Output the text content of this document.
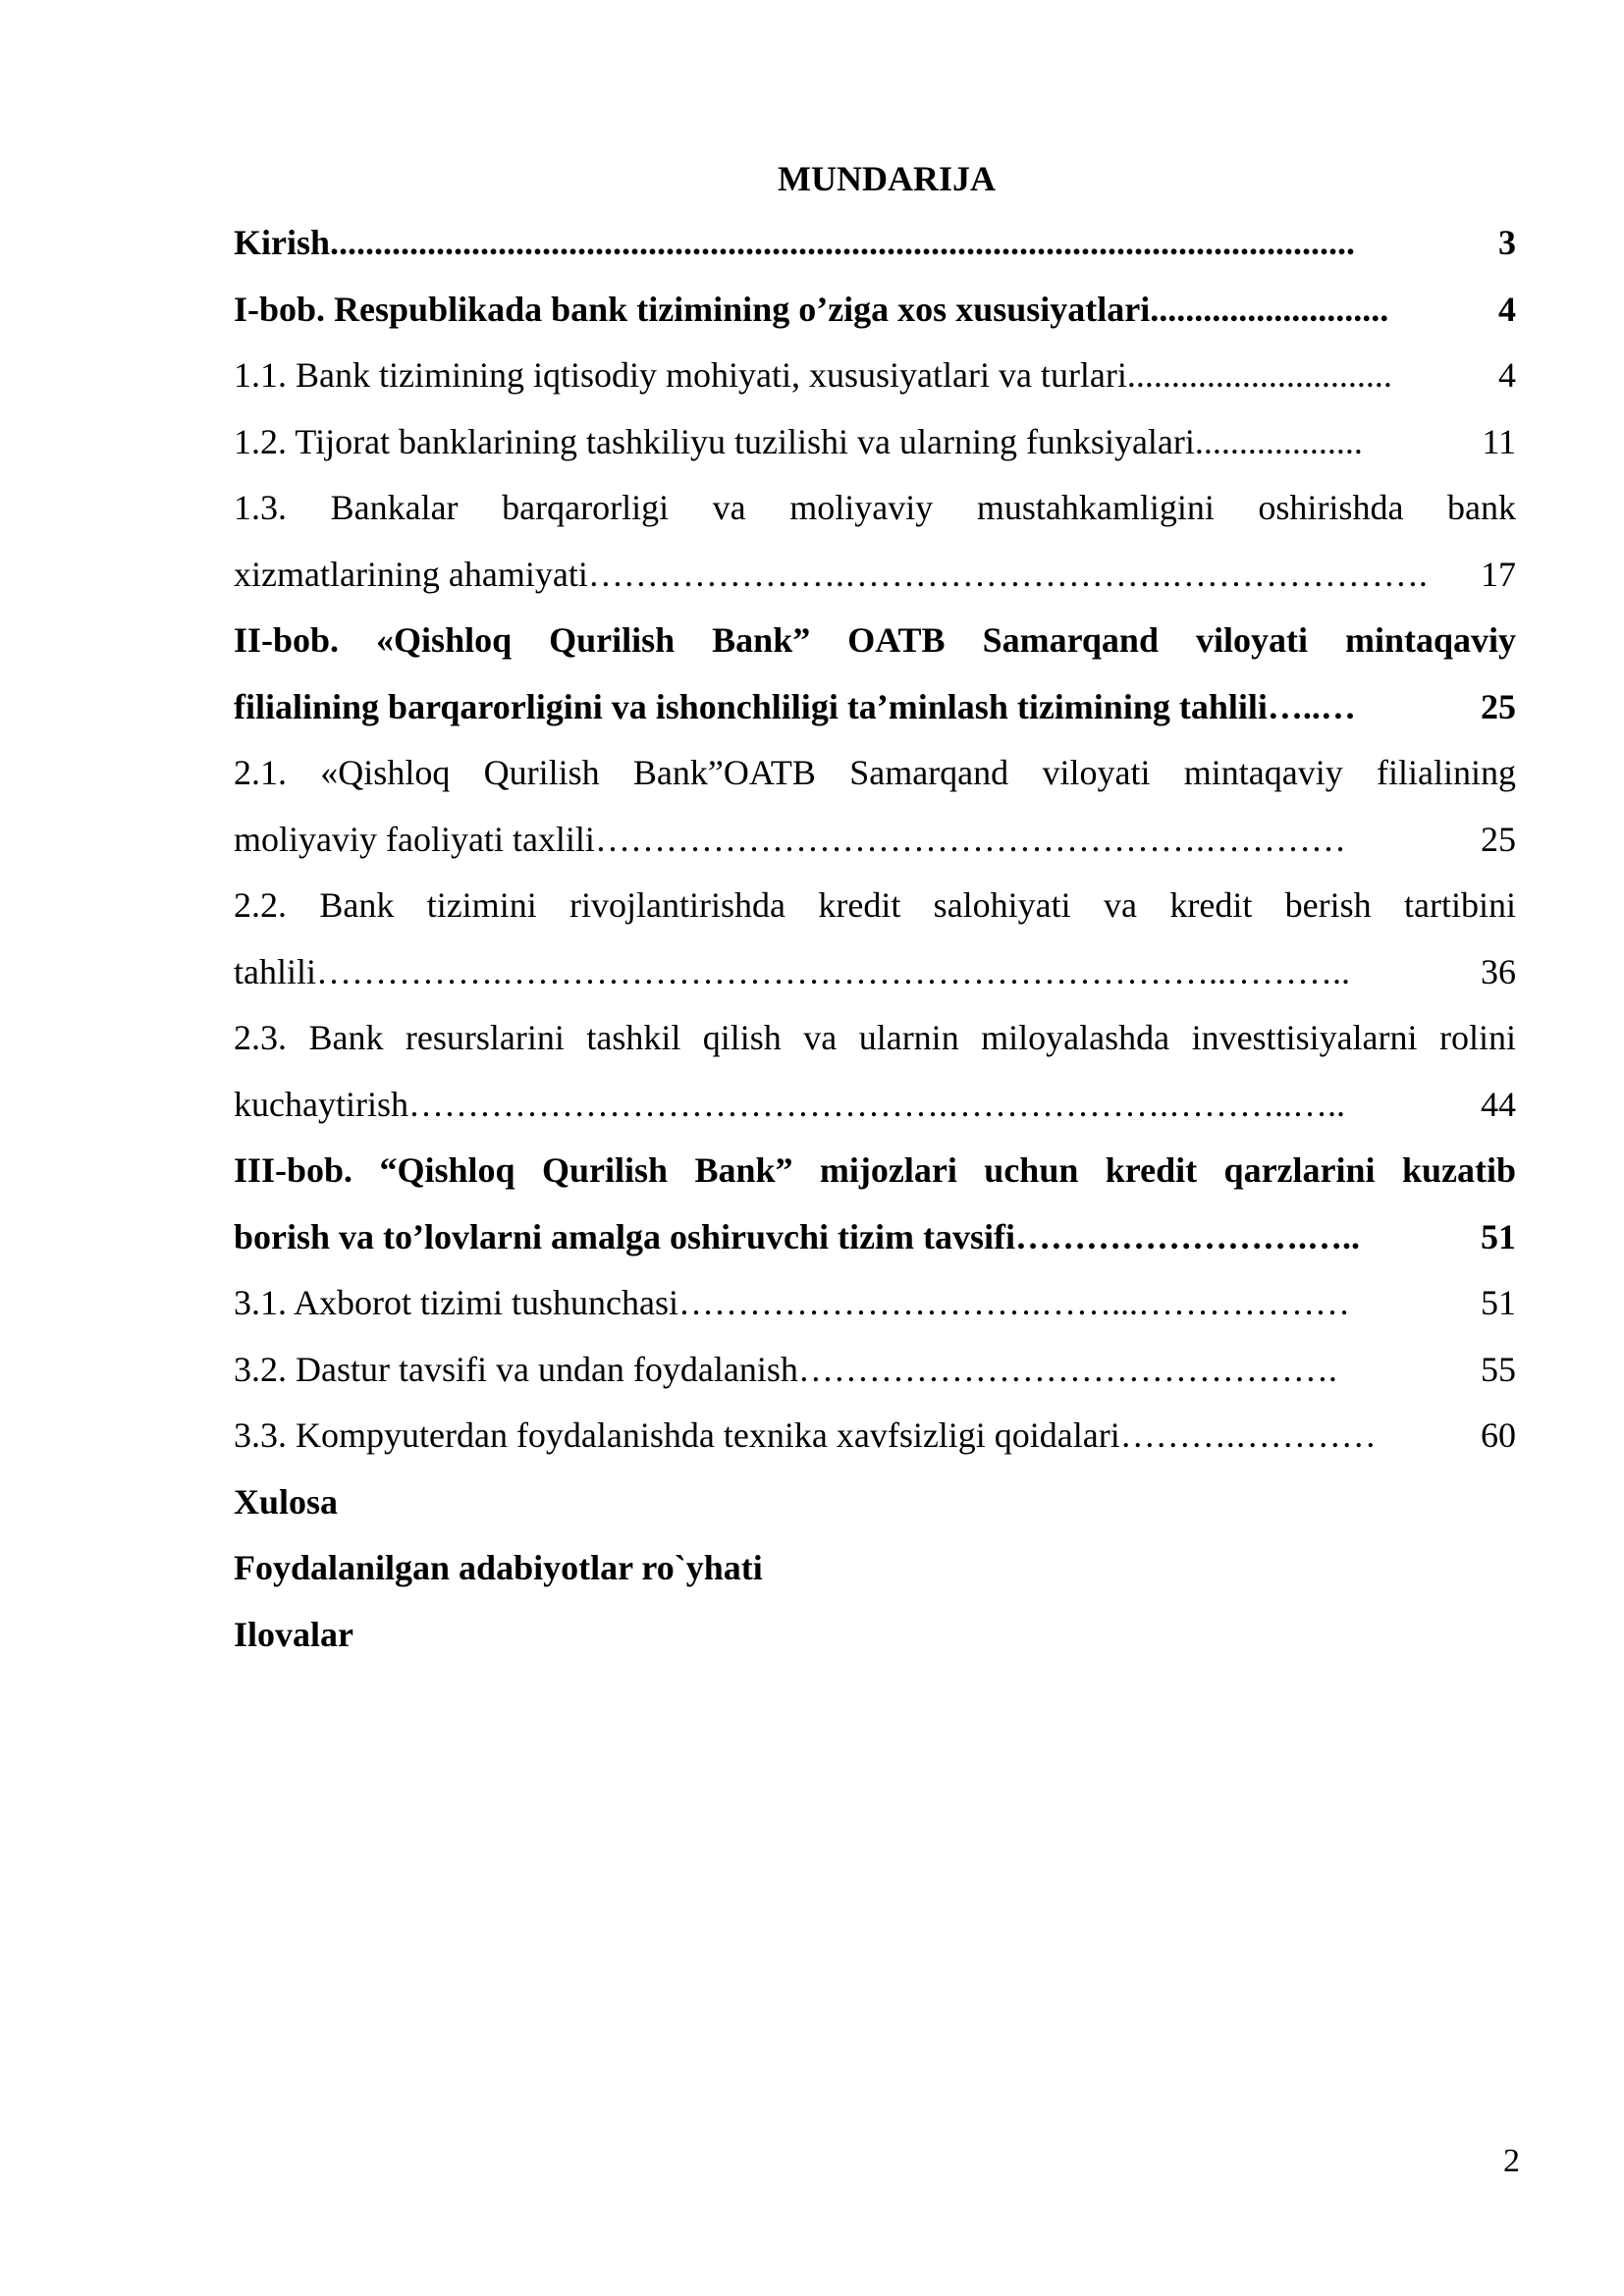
MUNDARIJA
Kirish ....................................................................................................................	3
I-bob. Respublikada bank tizimining o’ziga xos xususiyatlari ...........................	4
1.1. Bank tizimining iqtisodiy mohiyati, xususiyatlari va turlari ..............................	4
1.2. Tijorat banklarining tashkiliyu tuzilishi va ularning funksiyalari ...................	11
1.3. Bankalar barqarorligi va moliyaviy mustahkamligini oshirishda bank
xizmatlarining ahamiyati ………………….……………………….………………….	17
II-bob. «Qishloq Qurilish Bank” OATB Samarqand viloyati mintaqaviy
filialining barqarorligini va ishonchliligi ta’minlash tizimining tahlili …..…	25
2.1. «Qishloq Qurilish Bank”OATB Samarqand viloyati mintaqaviy filialining
moliyaviy faoliyati taxlili …………………………………………….…………	25
2.2. Bank tizimini rivojlantirishda kredit salohiyati va kredit berish tartibini
tahlili …………….……………………………………………………..………..	36
2.3. Bank resurslarini tashkil qilish va ularnin miloyalashda investtisiyalarni rolini
kuchaytirish ……………………………………….……………….………..…..	44
III-bob. “Qishloq Qurilish Bank” mijozlari uchun kredit qarzlarini kuzatib
borish va to’lovlarni amalga oshiruvchi tizim tavsifi …………………….…..	51
3.1. Axborot tizimi tushunchasi ………………………….……...………………	51
3.2. Dastur tavsifi va undan foydalanish ……………………………………….	55
3.3. Kompyuterdan foydalanishda texnika xavfsizligi qoidalari ……….…………	60
Xulosa
Foydalanilgan adabiyotlar ro`yhati
Ilovalar
2
